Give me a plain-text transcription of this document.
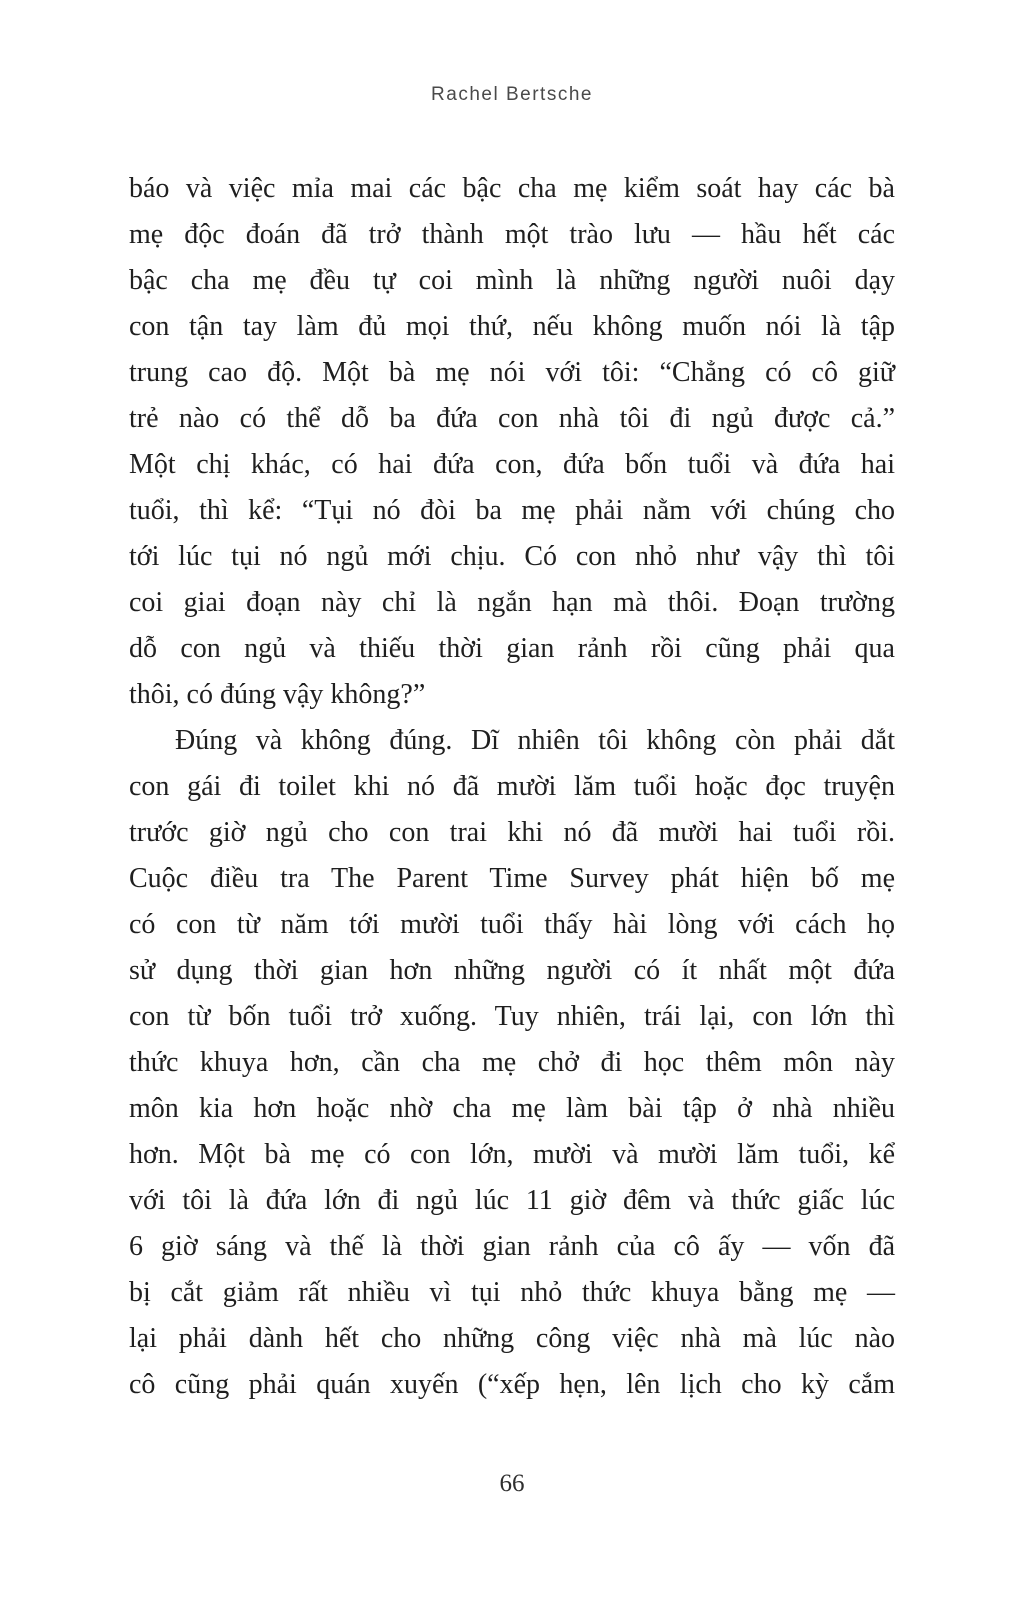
Rachel Bertsche
báo và việc mỉa mai các bậc cha mẹ kiểm soát hay các bà
mẹ độc đoán đã trở thành một trào lưu — hầu hết các
bậc cha mẹ đều tự coi mình là những người nuôi dạy
con tận tay làm đủ mọi thứ, nếu không muốn nói là tập
trung cao độ. Một bà mẹ nói với tôi: “Chẳng có cô giữ
trẻ nào có thể dỗ ba đứa con nhà tôi đi ngủ được cả.”
Một chị khác, có hai đứa con, đứa bốn tuổi và đứa hai
tuổi, thì kể: “Tụi nó đòi ba mẹ phải nằm với chúng cho
tới lúc tụi nó ngủ mới chịu. Có con nhỏ như vậy thì tôi
coi giai đoạn này chỉ là ngắn hạn mà thôi. Đoạn trường
dỗ con ngủ và thiếu thời gian rảnh rồi cũng phải qua
thôi, có đúng vậy không?”
Đúng và không đúng. Dĩ nhiên tôi không còn phải dắt
con gái đi toilet khi nó đã mười lăm tuổi hoặc đọc truyện
trước giờ ngủ cho con trai khi nó đã mười hai tuổi rồi.
Cuộc điều tra The Parent Time Survey phát hiện bố mẹ
có con từ năm tới mười tuổi thấy hài lòng với cách họ
sử dụng thời gian hơn những người có ít nhất một đứa
con từ bốn tuổi trở xuống. Tuy nhiên, trái lại, con lớn thì
thức khuya hơn, cần cha mẹ chở đi học thêm môn này
môn kia hơn hoặc nhờ cha mẹ làm bài tập ở nhà nhiều
hơn. Một bà mẹ có con lớn, mười và mười lăm tuổi, kể
với tôi là đứa lớn đi ngủ lúc 11 giờ đêm và thức giấc lúc
6 giờ sáng và thế là thời gian rảnh của cô ấy — vốn đã
bị cắt giảm rất nhiều vì tụi nhỏ thức khuya bằng mẹ —
lại phải dành hết cho những công việc nhà mà lúc nào
cô cũng phải quán xuyến (“xếp hẹn, lên lịch cho kỳ cắm
66
